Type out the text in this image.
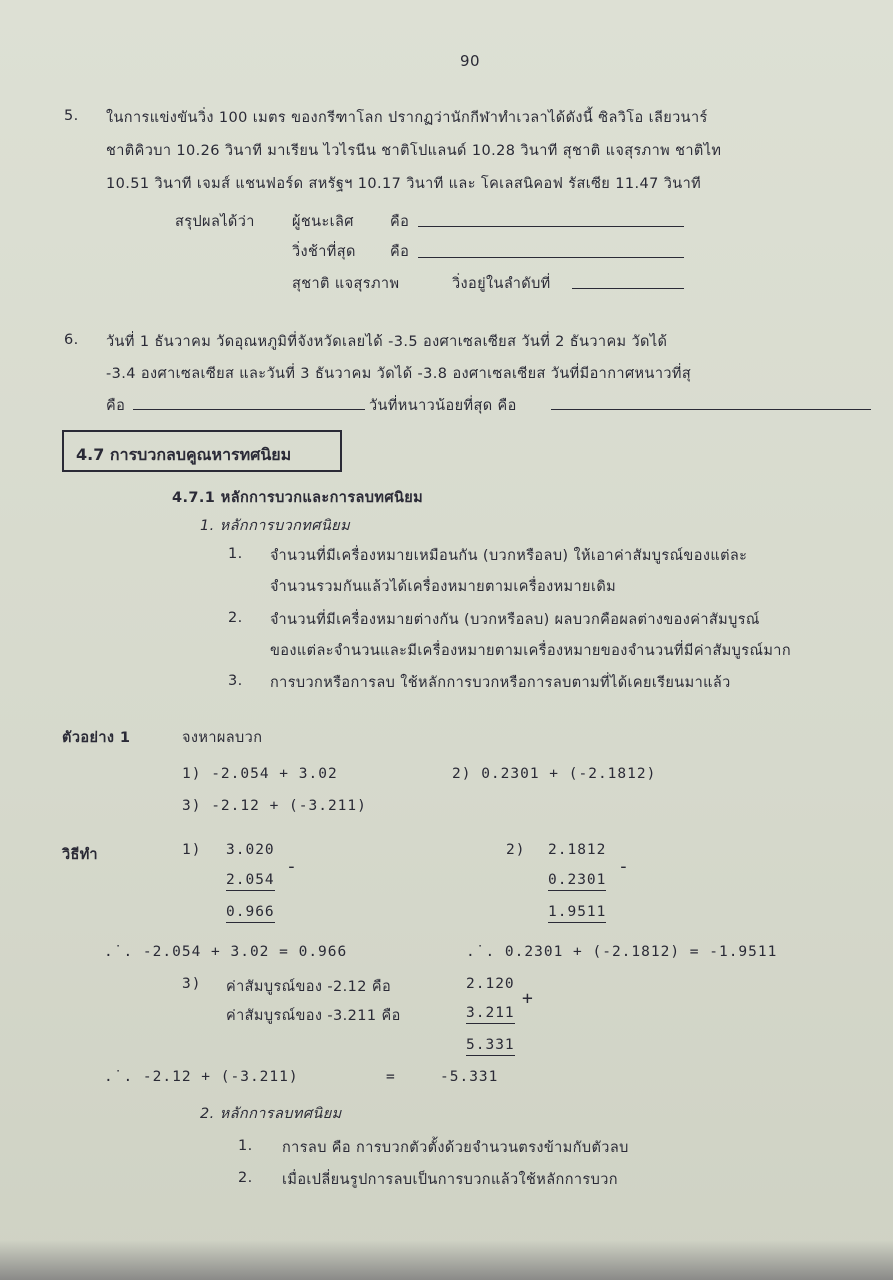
90
5. ในการแข่งขันวิ่ง 100 เมตร ของกรีฑาโลก ปรากฏว่านักกีฬาทำเวลาได้ดังนี้ ซิลวิโอ เลียวนาร์
ชาติคิวบา 10.26 วินาที มาเรียน ไวไรนีน ชาติโปแลนด์ 10.28 วินาที สุชาติ แจสุรภาพ ชาติไท
10.51 วินาที เจมส์ แชนฟอร์ด สหรัฐฯ 10.17 วินาที และ โคเลสนิคอฟ รัสเซีย 11.47 วินาที
สรุปผลได้ว่า	ผู้ชนะเลิศ คือ
วิ่งช้าที่สุด คือ
สุชาติ แจสุรภาพ	วิ่งอยู่ในลำดับที่
6. วันที่ 1 ธันวาคม วัดอุณหภูมิที่จังหวัดเลยได้ -3.5 องศาเซลเซียส วันที่ 2 ธันวาคม วัดได้
-3.4 องศาเซลเซียส และวันที่ 3 ธันวาคม วัดได้ -3.8 องศาเซลเซียส วันที่มีอากาศหนาวที่สุ
คือ	วันที่หนาวน้อยที่สุด คือ
4.7 การบวกลบคูณหารทศนิยม
4.7.1 หลักการบวกและการลบทศนิยม
1. หลักการบวกทศนิยม
1. จำนวนที่มีเครื่องหมายเหมือนกัน (บวกหรือลบ) ให้เอาค่าสัมบูรณ์ของแต่ละ
จำนวนรวมกันแล้วได้เครื่องหมายตามเครื่องหมายเดิม
2. จำนวนที่มีเครื่องหมายต่างกัน (บวกหรือลบ) ผลบวกคือผลต่างของค่าสัมบูรณ์
ของแต่ละจำนวนและมีเครื่องหมายตามเครื่องหมายของจำนวนที่มีค่าสัมบูรณ์มาก
3. การบวกหรือการลบ ใช้หลักการบวกหรือการลบตามที่ได้เคยเรียนมาแล้ว
ตัวอย่าง 1	จงหาผลบวก
1) -2.054 + 3.02	2) 0.2301 + (-2.1812)
3) -2.12 + (-3.211)
วิธีทำ	1) 3.020
-
2.054
0.966
2) 2.1812
-
0.2301
1.9511
.˙. -2.054 + 3.02 = 0.966	.˙. 0.2301 + (-2.1812) = -1.9511
3) ค่าสัมบูรณ์ของ -2.12 คือ	2.120
+
ค่าสัมบูรณ์ของ -3.211 คือ	3.211
5.331
.˙. -2.12 + (-3.211)	=	-5.331
2. หลักการลบทศนิยม
1. การลบ คือ การบวกตัวตั้งด้วยจำนวนตรงข้ามกับตัวลบ
2. เมื่อเปลี่ยนรูปการลบเป็นการบวกแล้วใช้หลักการบวก
